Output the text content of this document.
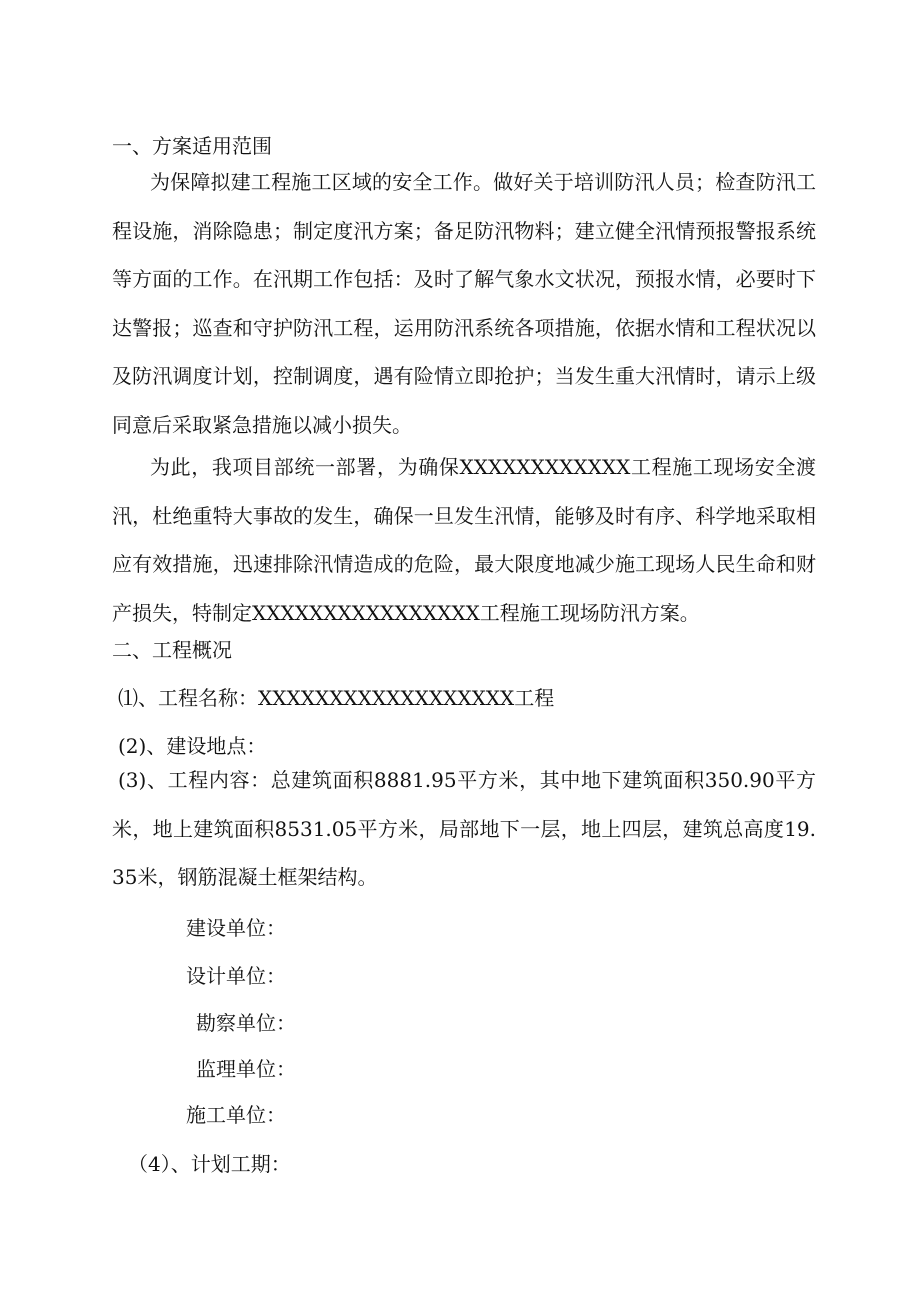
一、方案适用范围
为保障拟建工程施工区域的安全工作。做好关于培训防汛人员；检查防汛工程设施，消除隐患；制定度汛方案；备足防汛物料；建立健全汛情预报警报系统等方面的工作。在汛期工作包括：及时了解气象水文状况，预报水情，必要时下达警报；巡查和守护防汛工程，运用防汛系统各项措施，依据水情和工程状况以及防汛调度计划，控制调度，遇有险情立即抢护；当发生重大汛情时，请示上级同意后采取紧急措施以减小损失。
为此，我项目部统一部署，为确保XXXXXXXXXXXX工程施工现场安全渡汛，杜绝重特大事故的发生，确保一旦发生汛情，能够及时有序、科学地采取相应有效措施，迅速排除汛情造成的危险，最大限度地减少施工现场人民生命和财产损失，特制定XXXXXXXXXXXXXXXX工程施工现场防汛方案。
二、工程概况
⑴、工程名称：XXXXXXXXXXXXXXXXXX工程
(2)、建设地点：
(3)、工程内容：总建筑面积8881.95平方米，其中地下建筑面积350.90平方米，地上建筑面积8531.05平方米，局部地下一层，地上四层，建筑总高度19.35米，钢筋混凝土框架结构。
建设单位：
设计单位：
勘察单位：
监理单位：
施工单位：
（4）、计划工期：
